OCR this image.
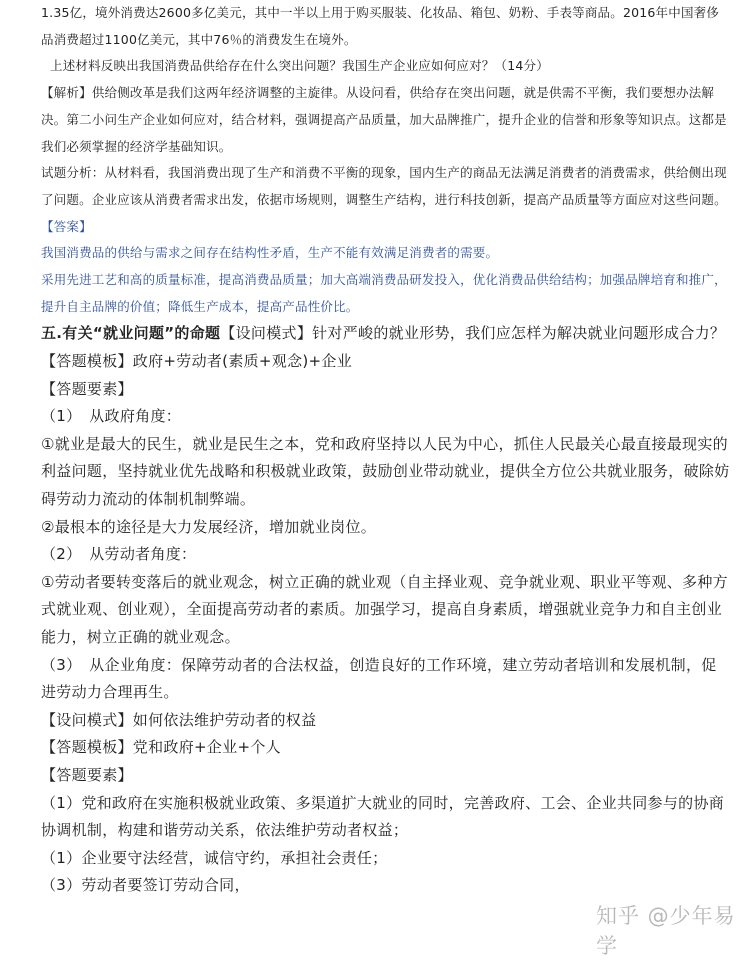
1.35亿，境外消费达2600多亿美元，其中一半以上用于购买服装、化妆品、箱包、奶粉、手表等商品。2016年中国奢侈品消费超过1100亿美元，其中76％的消费发生在境外。

上述材料反映出我国消费品供给存在什么突出问题？我国生产企业应如何应对？（14分）

【解析】供给侧改革是我们这两年经济调整的主旋律。从设问看，供给存在突出问题，就是供需不平衡，我们要想办法解决。第二小问生产企业如何应对，结合材料，强调提高产品质量，加大品牌推广，提升企业的信誉和形象等知识点。这都是我们必须掌握的经济学基础知识。

试题分析：从材料看，我国消费出现了生产和消费不平衡的现象，国内生产的商品无法满足消费者的消费需求，供给侧出现了问题。企业应该从消费者需求出发，依据市场规则，调整生产结构，进行科技创新，提高产品质量等方面应对这些问题。

【答案】

我国消费品的供给与需求之间存在结构性矛盾，生产不能有效满足消费者的需要。

采用先进工艺和高的质量标准，提高消费品质量；加大高端消费品研发投入，优化消费品供给结构；加强品牌培育和推广，提升自主品牌的价值；降低生产成本，提高产品性价比。

五.有关“就业问题”的命题【设问模式】针对严峻的就业形势，我们应怎样为解决就业问题形成合力？

【答题模板】政府+劳动者(素质+观念)+企业

【答题要素】

（1）　从政府角度：

①就业是最大的民生，就业是民生之本，党和政府坚持以人民为中心，抓住人民最关心最直接最现实的利益问题，坚持就业优先战略和积极就业政策，鼓励创业带动就业，提供全方位公共就业服务，破除妨碍劳动力流动的体制机制弊端。

②最根本的途径是大力发展经济，增加就业岗位。

（2）　从劳动者角度：

①劳动者要转变落后的就业观念，树立正确的就业观（自主择业观、竞争就业观、职业平等观、多种方式就业观、创业观），全面提高劳动者的素质。加强学习，提高自身素质，增强就业竞争力和自主创业能力，树立正确的就业观念。

（3）　从企业角度：保障劳动者的合法权益，创造良好的工作环境，建立劳动者培训和发展机制，促进劳动力合理再生。

【设问模式】如何依法维护劳动者的权益

【答题模板】党和政府+企业+个人

【答题要素】

（1）党和政府在实施积极就业政策、多渠道扩大就业的同时，完善政府、工会、企业共同参与的协商协调机制，构建和谐劳动关系，依法维护劳动者权益；

（1）企业要守法经营，诚信守约，承担社会责任；

（3）劳动者要签订劳动合同，

知乎 @少年易学
